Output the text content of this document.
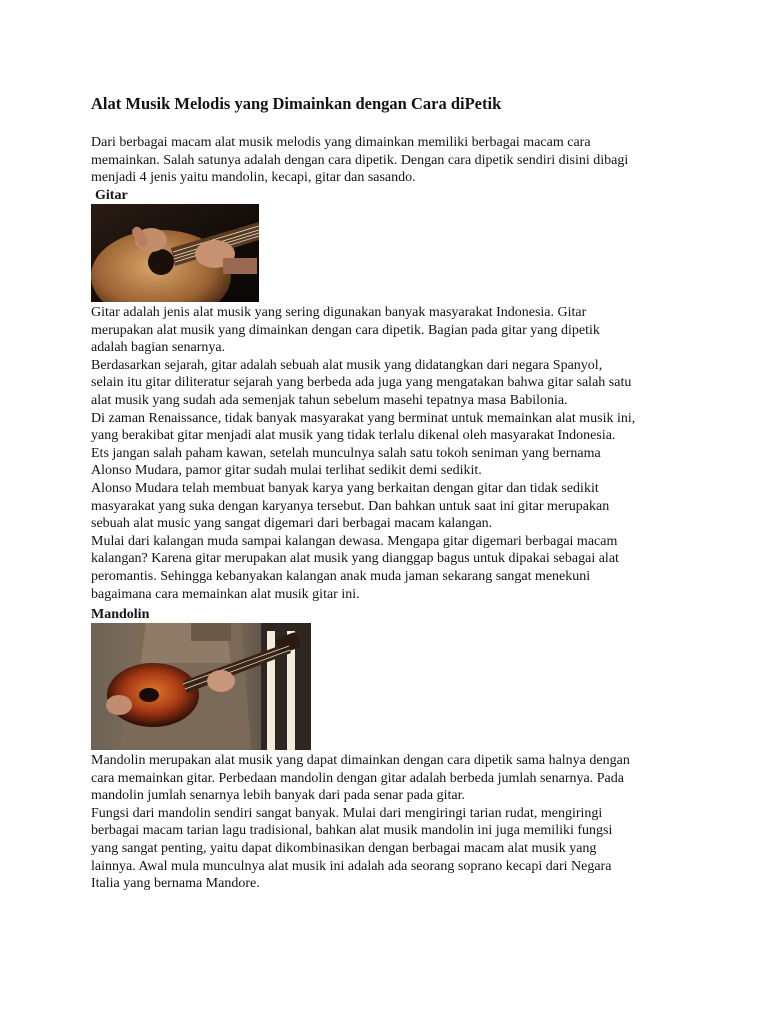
Alat Musik Melodis yang Dimainkan dengan Cara diPetik
Dari berbagai macam alat musik melodis yang dimainkan memiliki berbagai macam cara
memainkan. Salah satunya adalah dengan cara dipetik. Dengan cara dipetik sendiri disini dibagi
menjadi 4 jenis yaitu mandolin, kecapi, gitar dan sasando.
Gitar
Gitar adalah jenis alat musik yang sering digunakan banyak masyarakat Indonesia. Gitar
merupakan alat musik yang dimainkan dengan cara dipetik. Bagian pada gitar yang dipetik
adalah bagian senarnya.
Berdasarkan sejarah, gitar adalah sebuah alat musik yang didatangkan dari negara Spanyol,
selain itu gitar diliteratur sejarah yang berbeda ada juga yang mengatakan bahwa gitar salah satu
alat musik yang sudah ada semenjak tahun sebelum masehi tepatnya masa Babilonia.
Di zaman Renaissance, tidak banyak masyarakat yang berminat untuk memainkan alat musik ini,
yang berakibat gitar menjadi alat musik yang tidak terlalu dikenal oleh masyarakat Indonesia.
Ets jangan salah paham kawan, setelah munculnya salah satu tokoh seniman yang bernama
Alonso Mudara, pamor gitar sudah mulai terlihat sedikit demi sedikit.
Alonso Mudara telah membuat banyak karya yang berkaitan dengan gitar dan tidak sedikit
masyarakat yang suka dengan karyanya tersebut. Dan bahkan untuk saat ini gitar merupakan
sebuah alat music yang sangat digemari dari berbagai macam kalangan.
Mulai dari kalangan muda sampai kalangan dewasa. Mengapa gitar digemari berbagai macam
kalangan? Karena gitar merupakan alat musik yang dianggap bagus untuk dipakai sebagai alat
peromantis. Sehingga kebanyakan kalangan anak muda jaman sekarang sangat menekuni
bagaimana cara memainkan alat musik gitar ini.
Mandolin
Mandolin merupakan alat musik yang dapat dimainkan dengan cara dipetik sama halnya dengan
cara memainkan gitar. Perbedaan mandolin dengan gitar adalah berbeda jumlah senarnya. Pada
mandolin jumlah senarnya lebih banyak dari pada senar pada gitar.
Fungsi dari mandolin sendiri sangat banyak. Mulai dari mengiringi tarian rudat, mengiringi
berbagai macam tarian lagu tradisional, bahkan alat musik mandolin ini juga memiliki fungsi
yang sangat penting, yaitu dapat dikombinasikan dengan berbagai macam alat musik yang
lainnya. Awal mula munculnya alat musik ini adalah ada seorang soprano kecapi dari Negara
Italia yang bernama Mandore.
